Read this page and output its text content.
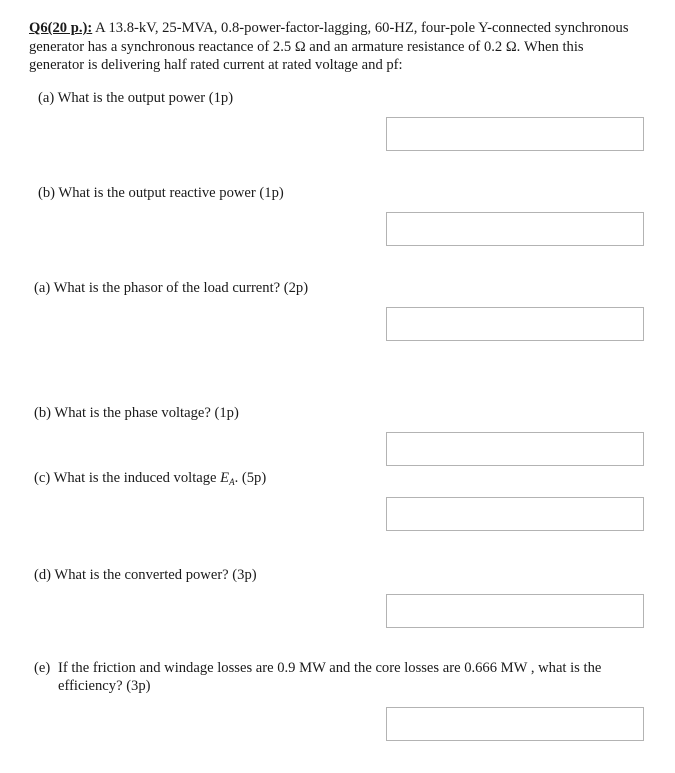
Q6(20 p.): A 13.8-kV, 25-MVA, 0.8-power-factor-lagging, 60-HZ, four-pole Y-connected synchronous generator has a synchronous reactance of 2.5 Ω and an armature resistance of 0.2 Ω. When this generator is delivering half rated current at rated voltage and pf:
(a) What is the output power (1p)
(b) What is the output reactive power (1p)
(a) What is the phasor of the load current? (2p)
(b) What is the phase voltage? (1p)
(c) What is the induced voltage $E_A$. (5p)
(d) What is the converted power? (3p)
(e) If the friction and windage losses are 0.9 MW and the core losses are 0.666 MW , what is the efficiency? (3p)
